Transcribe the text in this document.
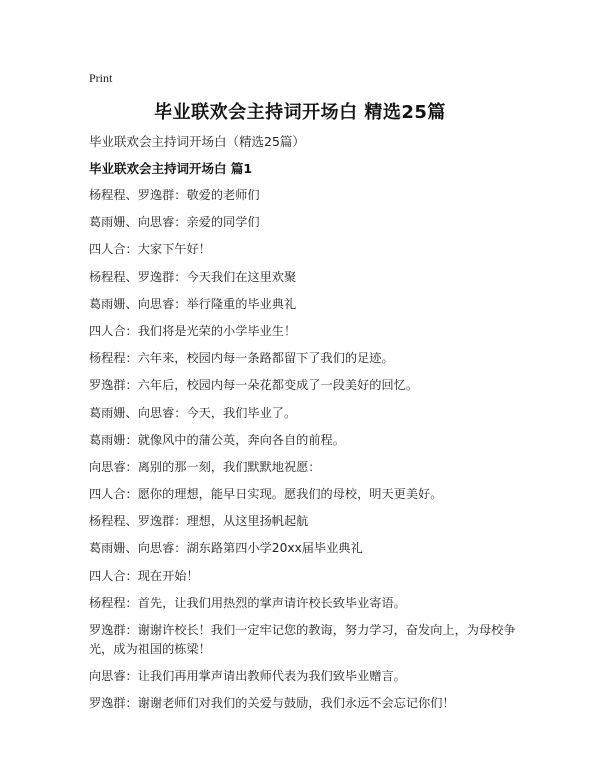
Print
毕业联欢会主持词开场白 精选25篇
毕业联欢会主持词开场白（精选25篇）
毕业联欢会主持词开场白 篇1
杨程程、罗逸群：敬爱的老师们
葛雨姗、向思睿：亲爱的同学们
四人合：大家下午好！
杨程程、罗逸群：今天我们在这里欢聚
葛雨姗、向思睿：举行隆重的毕业典礼
四人合：我们将是光荣的小学毕业生！
杨程程：六年来，校园内每一条路都留下了我们的足迹。
罗逸群：六年后，校园内每一朵花都变成了一段美好的回忆。
葛雨姗、向思睿：今天，我们毕业了。
葛雨姗：就像风中的蒲公英，奔向各自的前程。
向思睿：离别的那一刻，我们默默地祝愿：
四人合：愿你的理想，能早日实现。愿我们的母校，明天更美好。
杨程程、罗逸群：理想，从这里扬帆起航
葛雨姗、向思睿：湖东路第四小学20xx届毕业典礼
四人合：现在开始！
杨程程：首先，让我们用热烈的掌声请许校长致毕业寄语。
罗逸群：谢谢许校长！我们一定牢记您的教诲，努力学习，奋发向上，为母校争光，成为祖国的栋梁！
向思睿：让我们再用掌声请出教师代表为我们致毕业赠言。
罗逸群：谢谢老师们对我们的关爱与鼓励，我们永远不会忘记你们！
